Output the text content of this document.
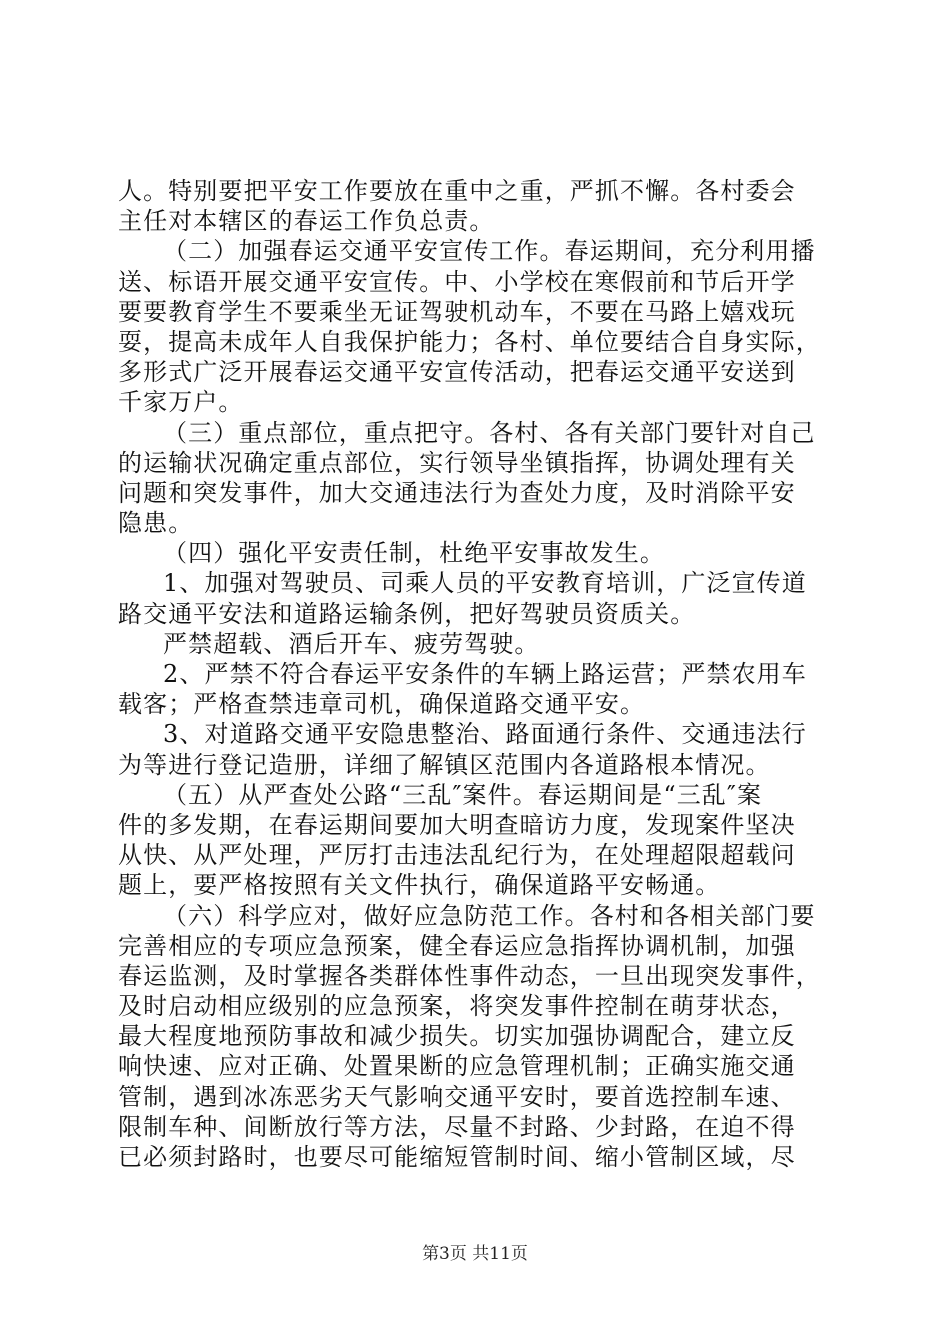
人。特别要把平安工作要放在重中之重，严抓不懈。各村委会
主任对本辖区的春运工作负总责。
（二）加强春运交通平安宣传工作。春运期间，充分利用播
送、标语开展交通平安宣传。中、小学校在寒假前和节后开学
要要教育学生不要乘坐无证驾驶机动车，不要在马路上嬉戏玩
耍，提高未成年人自我保护能力；各村、单位要结合自身实际，
多形式广泛开展春运交通平安宣传活动，把春运交通平安送到
千家万户。
（三）重点部位，重点把守。各村、各有关部门要针对自己
的运输状况确定重点部位，实行领导坐镇指挥，协调处理有关
问题和突发事件，加大交通违法行为查处力度，及时消除平安
隐患。
（四）强化平安责任制，杜绝平安事故发生。
1、加强对驾驶员、司乘人员的平安教育培训，广泛宣传道
路交通平安法和道路运输条例，把好驾驶员资质关。
严禁超载、酒后开车、疲劳驾驶。
2、严禁不符合春运平安条件的车辆上路运营；严禁农用车
载客；严格查禁违章司机，确保道路交通平安。
3、对道路交通平安隐患整治、路面通行条件、交通违法行
为等进行登记造册，详细了解镇区范围内各道路根本情况。
（五）从严查处公路“三乱″案件。春运期间是“三乱″案
件的多发期，在春运期间要加大明查暗访力度，发现案件坚决
从快、从严处理，严厉打击违法乱纪行为，在处理超限超载问
题上，要严格按照有关文件执行，确保道路平安畅通。
（六）科学应对，做好应急防范工作。各村和各相关部门要
完善相应的专项应急预案，健全春运应急指挥协调机制，加强
春运监测，及时掌握各类群体性事件动态，一旦出现突发事件，
及时启动相应级别的应急预案，将突发事件控制在萌芽状态，
最大程度地预防事故和减少损失。切实加强协调配合，建立反
响快速、应对正确、处置果断的应急管理机制；正确实施交通
管制，遇到冰冻恶劣天气影响交通平安时，要首选控制车速、
限制车种、间断放行等方法，尽量不封路、少封路，在迫不得
已必须封路时，也要尽可能缩短管制时间、缩小管制区域，尽
第3页 共11页
